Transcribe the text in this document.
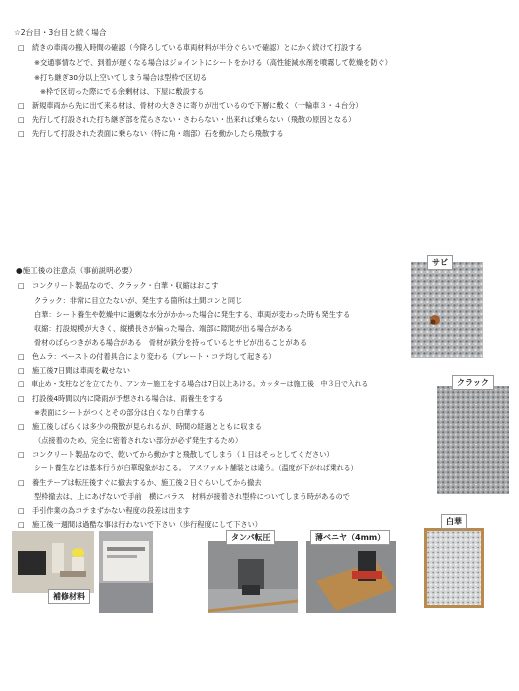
☆2台目・3台目と続く場合
□　続きの車両の搬入時間の確認（今降ろしている車両材料が半分ぐらいで確認）とにかく続けて打設する
※交通事情などで、到着が遅くなる場合はジョイントにシートをかける（高性能減水剤を噴霧して乾燥を防ぐ）
※打ち継ぎ30分以上空いてしまう場合は型枠で区切る
※枠で区切った際にでる余剰材は、下屋に敷設する
□　新規車両から先に出て来る材は、骨材の大きさに寄りが出ているので下層に敷く（一輪車３・４台分）
□　先行して打設された打ち継ぎ部を荒らさない・さわらない・出来れば乗らない（飛散の原因となる）
□　先行して打設された表面に乗らない（特に角・端部）石を動かしたら飛散する
●施工後の注意点（事前説明必要）
□　コンクリート製品なので、クラック・白華・収縮はおこす
クラック：非常に目立たないが、発生する箇所は土間コンと同じ
白華：シート養生や乾燥中に過剰な水分がかかった場合に発生する、車両が変わった時も発生する
収縮：打設規模が大きく、縦横長さが偏った場合、端部に隙間が出る場合がある
骨材のばらつきがある場合がある　骨材が鉄分を持っているとサビが出ることがある
□　色ムラ：ペーストの付着具合により変わる（プレート・コテ均して起きる）
□　施工後7日間は車両を載せない
□　車止め・支柱などを立てたり、アンカー施工をする場合は7日以上あける。カッターは施工後　中３日で入れる
□　打設後4時間以内に降雨が予想される場合は、雨養生をする
※表面にシートがつくとその部分は白くなり白華する
□　施工後しばらくは多少の飛散が見られるが、時間の経過とともに収まる
（点接着のため、完全に密着されない部分が必ず発生するため）
□　コンクリート製品なので、乾いてから動かすと飛散してしまう（１日はそっとしてください）
シート養生などは基本行うが白華現象がおこる。　アスファルト舗装とは違う。（温度が下がれば乗れる）
□　養生テープは転圧後すぐに撤去するか、施工後２日ぐらいしてから撤去
型枠撤去は、上にあげないで手前　横にバラス　材料が接着され型枠についてしまう時があるので
□　手引作業の為コテまずかない程度の段差は出ます
□　施工後一週間は過酷な事は行わないで下さい（歩行程度にして下さい）
サビ
クラック
白華
補修材料
タンパ転圧	薄ベニヤ（4mm）
